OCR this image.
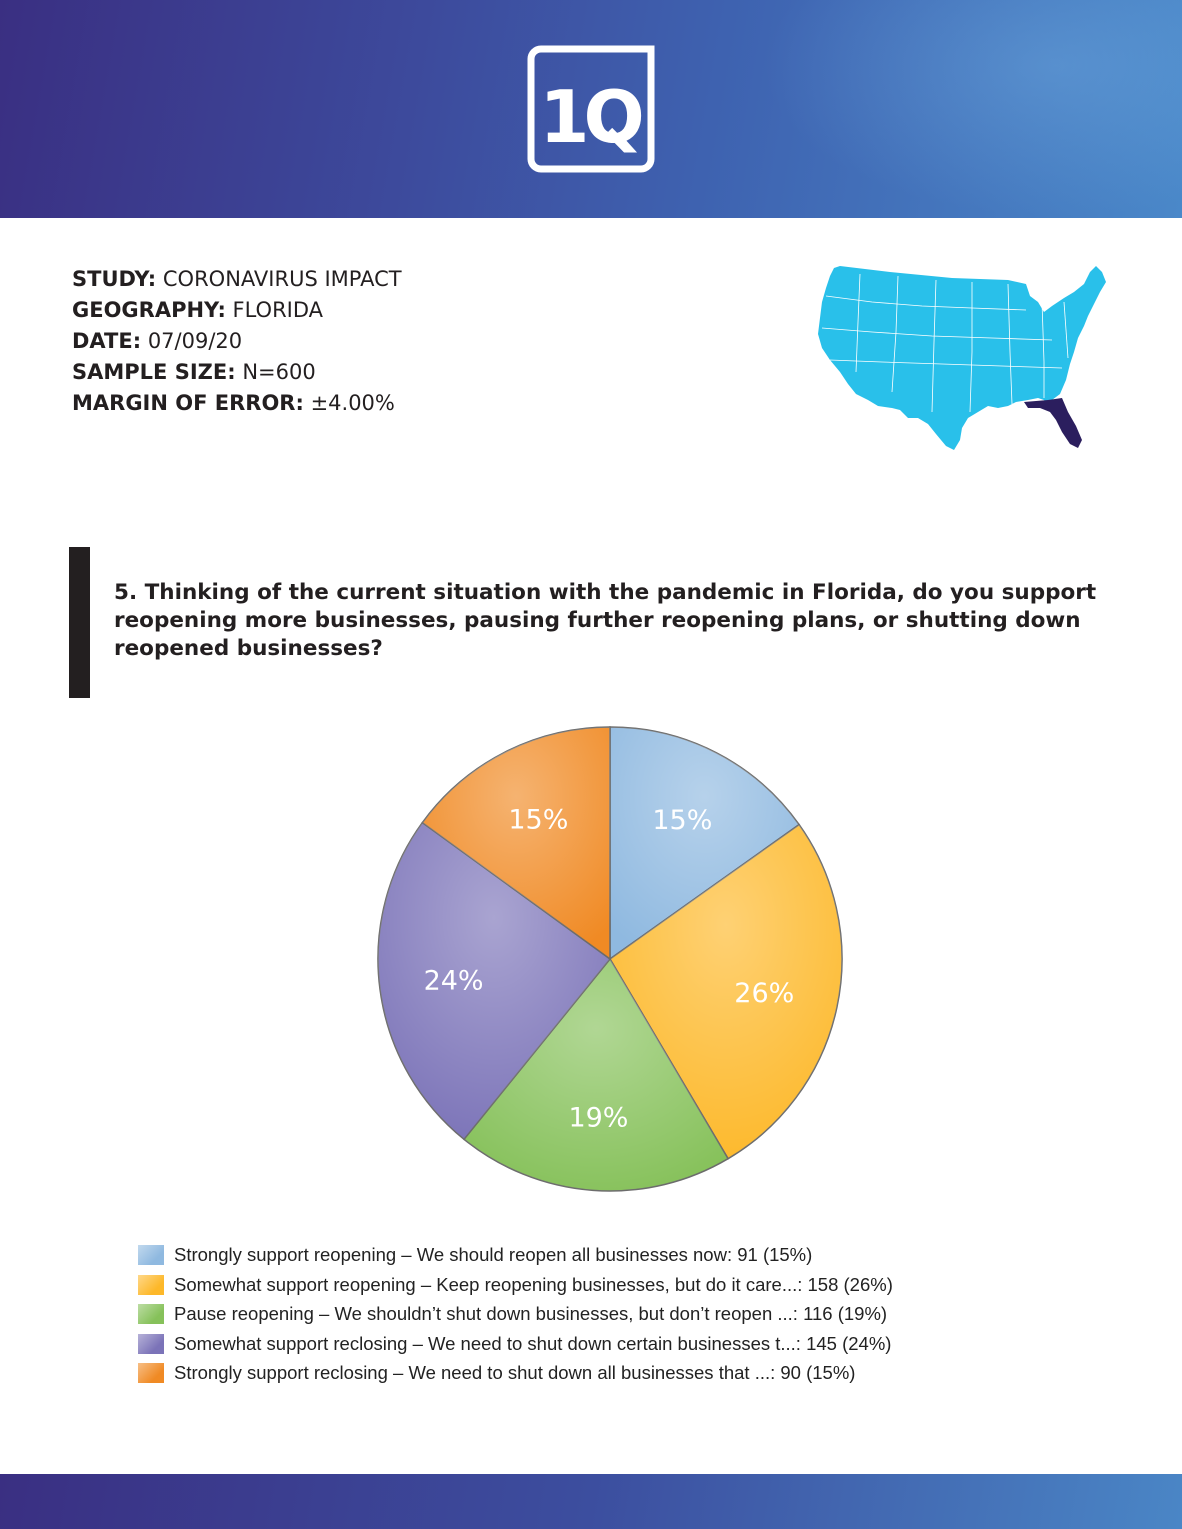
1Q
STUDY: CORONAVIRUS IMPACT
GEOGRAPHY: FLORIDA
DATE: 07/09/20
SAMPLE SIZE: N=600
MARGIN OF ERROR: ±4.00%
5. Thinking of the current situation with the pandemic in Florida, do you support reopening more businesses, pausing further reopening plans, or shutting down reopened businesses?
15%
26%
19%
24%
15%
Strongly support reopening – We should reopen all businesses now: 91 (15%)
Somewhat support reopening – Keep reopening businesses, but do it care...: 158 (26%)
Pause reopening – We shouldn’t shut down businesses, but don’t reopen ...: 116 (19%)
Somewhat support reclosing – We need to shut down certain businesses t...: 145 (24%)
Strongly support reclosing – We need to shut down all businesses that ...: 90 (15%)
